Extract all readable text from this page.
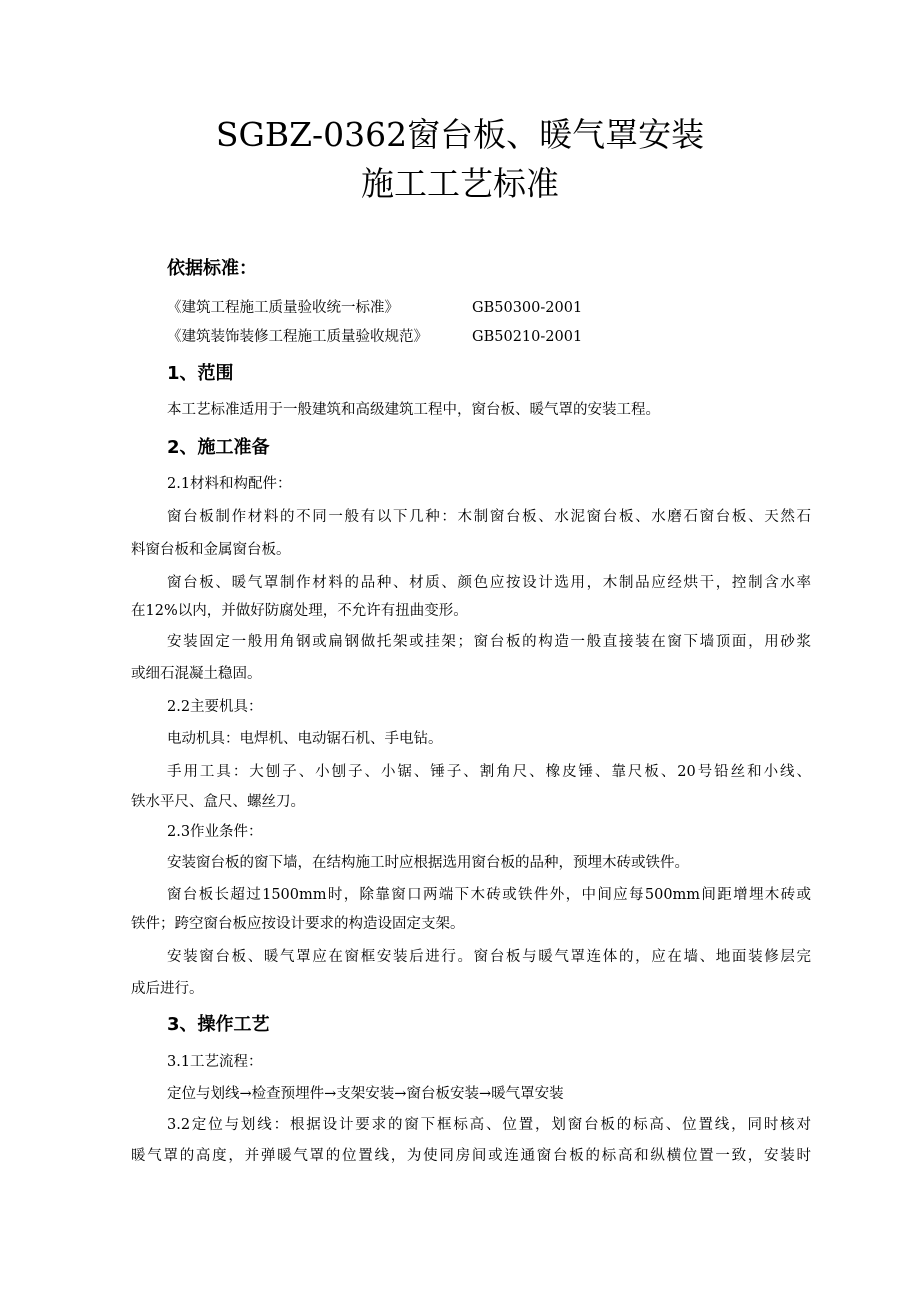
SGBZ-0362窗台板、暖气罩安装
施工工艺标准
依据标准：
《建筑工程施工质量验收统一标准》	GB50300-2001
《建筑装饰装修工程施工质量验收规范》	GB50210-2001
1、范围
本工艺标准适用于一般建筑和高级建筑工程中，窗台板、暖气罩的安装工程。
2、施工准备
2.1材料和构配件：
窗台板制作材料的不同一般有以下几种：木制窗台板、水泥窗台板、水磨石窗台板、天然石
料窗台板和金属窗台板。
窗台板、暖气罩制作材料的品种、材质、颜色应按设计选用，木制品应经烘干，控制含水率
在12%以内，并做好防腐处理，不允许有扭曲变形。
安装固定一般用角钢或扁钢做托架或挂架；窗台板的构造一般直接装在窗下墙顶面，用砂浆
或细石混凝土稳固。
2.2主要机具：
电动机具：电焊机、电动锯石机、手电钻。
手用工具：大刨子、小刨子、小锯、锤子、割角尺、橡皮锤、靠尺板、20号铅丝和小线、
铁水平尺、盒尺、螺丝刀。
2.3作业条件：
安装窗台板的窗下墙，在结构施工时应根据选用窗台板的品种，预埋木砖或铁件。
窗台板长超过1500mm时，除靠窗口两端下木砖或铁件外，中间应每500mm间距增埋木砖或
铁件；跨空窗台板应按设计要求的构造设固定支架。
安装窗台板、暖气罩应在窗框安装后进行。窗台板与暖气罩连体的，应在墙、地面装修层完
成后进行。
3、操作工艺
3.1工艺流程：
定位与划线→检查预埋件→支架安装→窗台板安装→暖气罩安装
3.2定位与划线：根据设计要求的窗下框标高、位置，划窗台板的标高、位置线，同时核对
暖气罩的高度，并弹暖气罩的位置线，为使同房间或连通窗台板的标高和纵横位置一致，安装时
